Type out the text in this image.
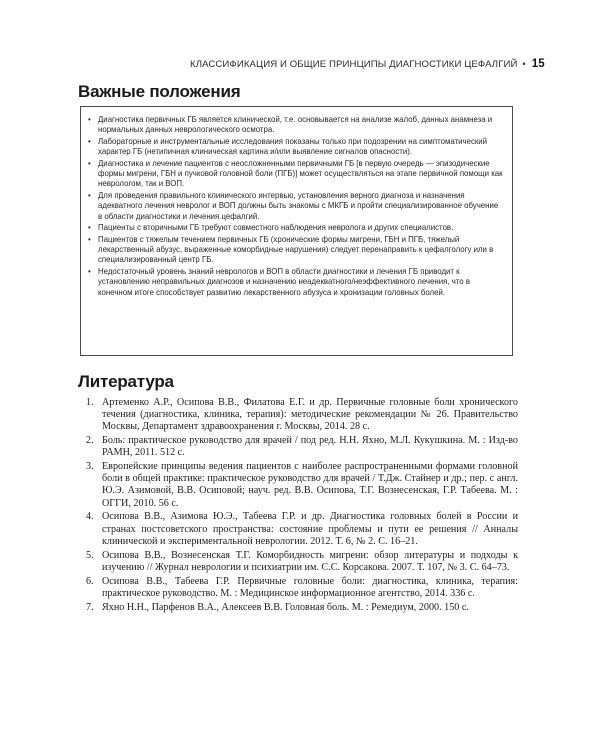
КЛАССИФИКАЦИЯ И ОБЩИЕ ПРИНЦИПЫ ДИАГНОСТИКИ ЦЕФАЛГИЙ • 15
Важные положения
• Диагностика первичных ГБ является клинической, т.е. основывается на анализе жалоб, данных анамнеза и нормальных данных неврологического осмотра.
• Лабораторные и инструментальные исследования показаны только при подозрении на симптоматический характер ГБ (нетипичная клиническая картина и/или выявление сигналов опасности).
• Диагностика и лечение пациентов с неосложненными первичными ГБ [в первую очередь — эпизодические формы мигрени, ГБН и пучковой головной боли (ПГБ)] может осуществляться на этапе первичной помощи как неврологом, так и ВОП.
• Для проведения правильного клинического интервью, установления верного диагноза и назначения адекватного лечения невролог и ВОП должны быть знакомы с МКГБ и пройти специализированное обучение в области диагностики и лечения цефалгий.
• Пациенты с вторичными ГБ требуют совместного наблюдения невролога и других специалистов.
• Пациентов с тяжелым течением первичных ГБ (хронические формы мигрени, ГБН и ПГБ, тяжелый лекарственный абузус, выраженные коморбидные нарушения) следует перенаправить к цефалгологу или в специализированный центр ГБ.
• Недостаточный уровень знаний неврологов и ВОП в области диагностики и лечения ГБ приводит к установлению неправильных диагнозов и назначению неадекватного/неэффективного лечения, что в конечном итоге способствует развитию лекарственного абузуса и хронизации головных болей.
Литература
1. Артеменко А.Р., Осипова В.В., Филатова Е.Г. и др. Первичные головные боли хронического течения (диагностика, клиника, терапия): методические рекомендации № 26. Правительство Москвы, Департамент здравоохранения г. Москвы, 2014. 28 с.
2. Боль: практическое руководство для врачей / под ред. Н.Н. Яхно, М.Л. Кукушкина. М. : Изд-во РАМН, 2011. 512 с.
3. Европейские принципы ведения пациентов с наиболее распространенными формами головной боли в общей практике: практическое руководство для врачей / Т.Дж. Стайнер и др.; пер. с англ. Ю.Э. Азимовой, В.В. Осиповой; науч. ред. В.В. Осипова, Т.Г. Вознесенская, Г.Р. Табеева. М. : ОГГИ, 2010. 56 с.
4. Осипова В.В., Азимова Ю.Э., Табеева Г.Р. и др. Диагностика головных болей в России и странах постсоветского пространства: состояние проблемы и пути ее решения // Анналы клинической и экспериментальной неврологии. 2012. Т. 6, № 2. С. 16–21.
5. Осипова В.В., Вознесенская Т.Г. Коморбидность мигрени: обзор литературы и подходы к изучению // Журнал неврологии и психиатрии им. С.С. Корсакова. 2007. Т. 107, № 3. С. 64–73.
6. Осипова В.В., Табеева Г.Р. Первичные головные боли: диагностика, клиника, терапия: практическое руководство. М. : Медицинское информационное агентство, 2014. 336 с.
7. Яхно Н.Н., Парфенов В.А., Алексеев В.В. Головная боль. М. : Ремедиум, 2000. 150 с.
